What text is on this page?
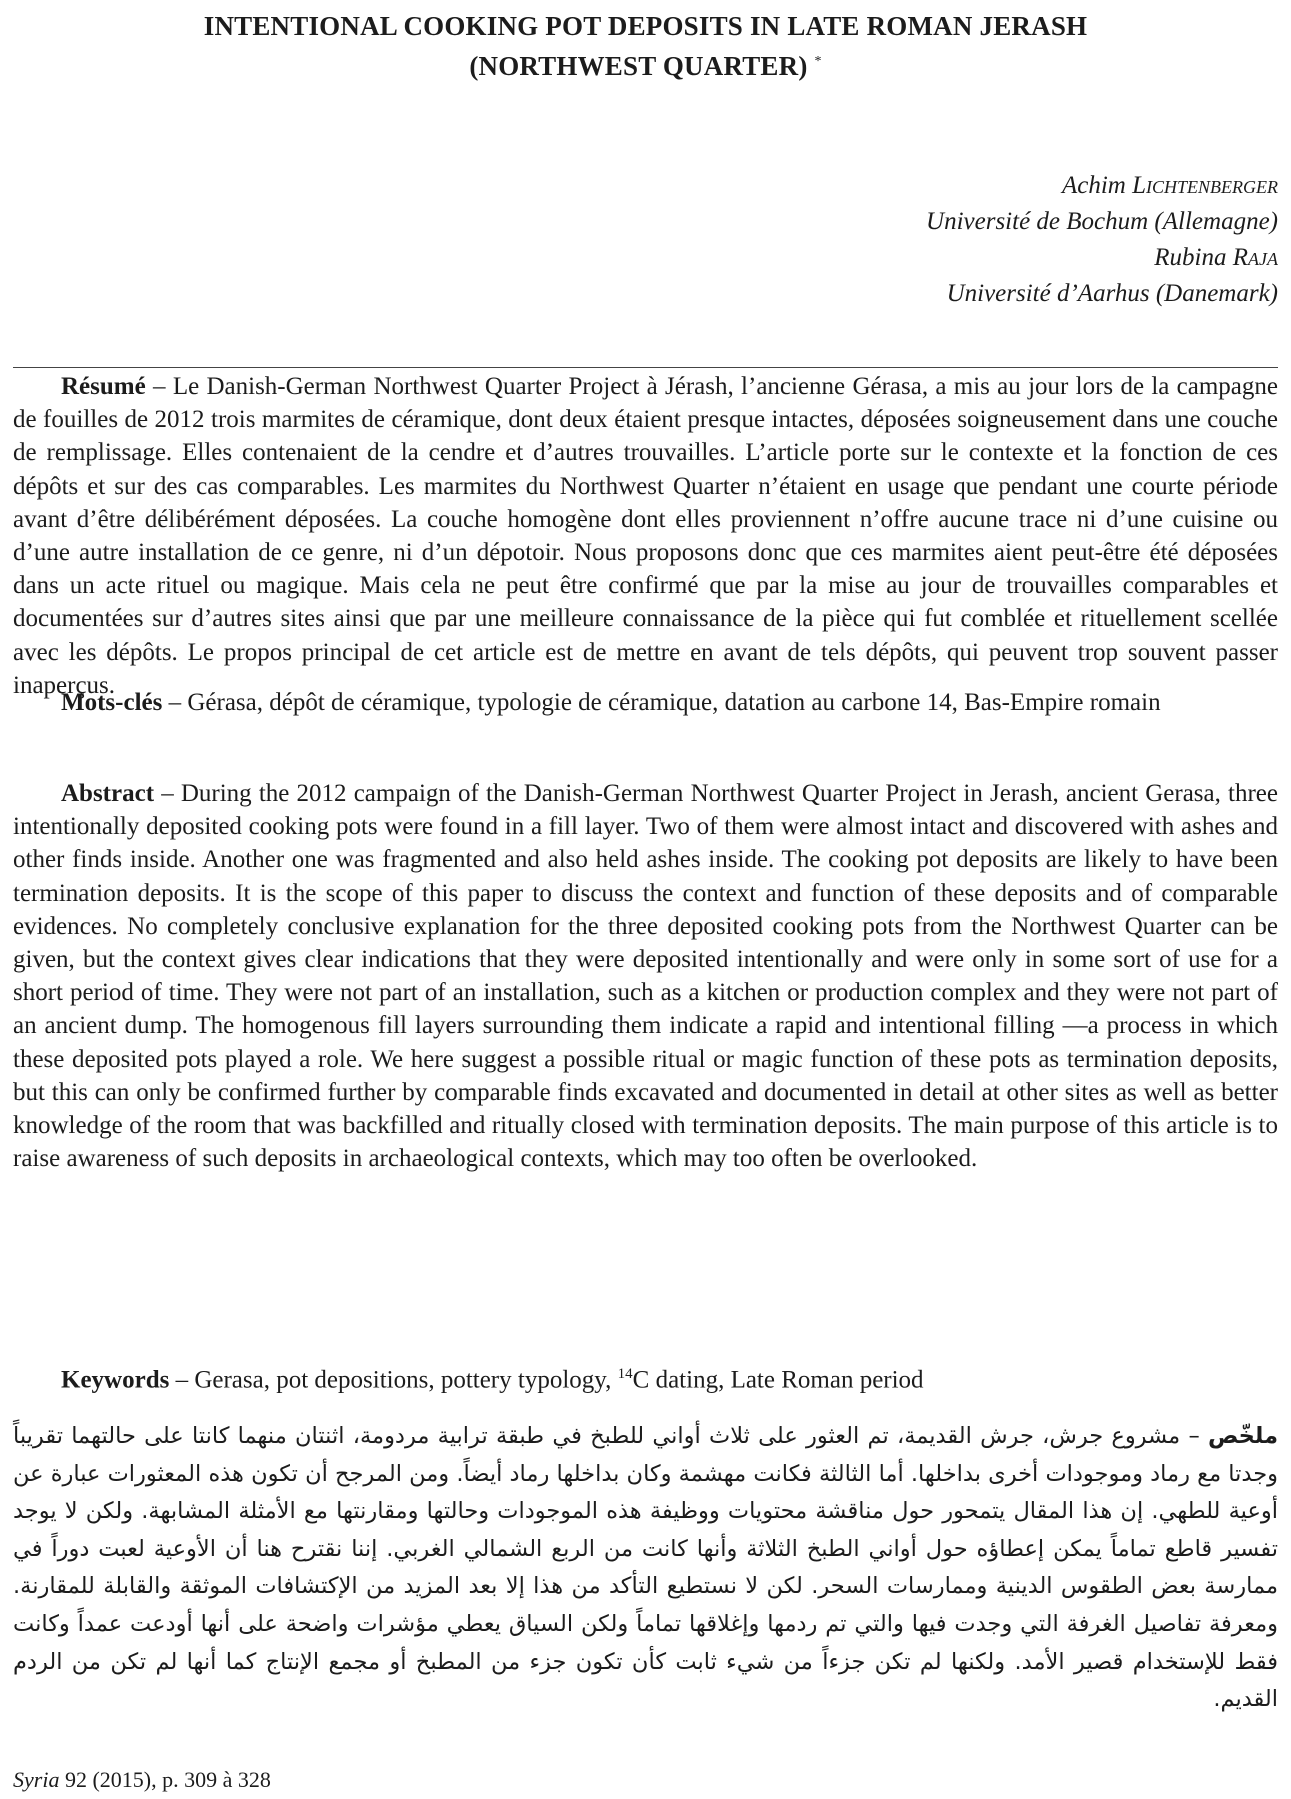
INTENTIONAL COOKING POT DEPOSITS IN LATE ROMAN JERASH
(NORTHWEST QUARTER) *
Achim Lichtenberger
Université de Bochum (Allemagne)
Rubina Raja
Université d’Aarhus (Danemark)

Résumé – Le Danish-German Northwest Quarter Project à Jérash, l’ancienne Gérasa, a mis au jour lors de la campagne de fouilles de 2012 trois marmites de céramique, dont deux étaient presque intactes, déposées soigneusement dans une couche de remplissage. Elles contenaient de la cendre et d’autres trouvailles. L’article porte sur le contexte et la fonction de ces dépôts et sur des cas comparables. Les marmites du Northwest Quarter n’étaient en usage que pendant une courte période avant d’être délibérément déposées. La couche homogène dont elles proviennent n’offre aucune trace ni d’une cuisine ou d’une autre installation de ce genre, ni d’un dépotoir. Nous proposons donc que ces marmites aient peut-être été déposées dans un acte rituel ou magique. Mais cela ne peut être confirmé que par la mise au jour de trouvailles comparables et documentées sur d’autres sites ainsi que par une meilleure connaissance de la pièce qui fut comblée et rituellement scellée avec les dépôts. Le propos principal de cet article est de mettre en avant de tels dépôts, qui peuvent trop souvent passer inaperçus.

Mots-clés – Gérasa, dépôt de céramique, typologie de céramique, datation au carbone 14, Bas-Empire romain

Abstract – During the 2012 campaign of the Danish-German Northwest Quarter Project in Jerash, ancient Gerasa, three intentionally deposited cooking pots were found in a fill layer. Two of them were almost intact and discovered with ashes and other finds inside. Another one was fragmented and also held ashes inside. The cooking pot deposits are likely to have been termination deposits. It is the scope of this paper to discuss the context and function of these deposits and of comparable evidences. No completely conclusive explanation for the three deposited cooking pots from the Northwest Quarter can be given, but the context gives clear indications that they were deposited intentionally and were only in some sort of use for a short period of time. They were not part of an installation, such as a kitchen or production complex and they were not part of an ancient dump. The homogenous fill layers surrounding them indicate a rapid and intentional filling —a process in which these deposited pots played a role. We here suggest a possible ritual or magic function of these pots as termination deposits, but this can only be confirmed further by comparable finds excavated and documented in detail at other sites as well as better knowledge of the room that was backfilled and ritually closed with termination deposits. The main purpose of this article is to raise awareness of such deposits in archaeological contexts, which may too often be overlooked.

Keywords – Gerasa, pot depositions, pottery typology, $^{14}$C dating, Late Roman period

ملخّص – مشروع جرش، جرش القديمة، تم العثور على ثلاث أواني للطبخ في طبقة ترابية مردومة، اثنتان منهما كانتا على حالتهما تقريباً وجدتا مع رماد وموجودات أخرى بداخلها. أما الثالثة فكانت مهشمة وكان بداخلها رماد أيضاً. ومن المرجح أن تكون هذه المعثورات عبارة عن أوعية للطهي. إن هذا المقال يتمحور حول مناقشة محتويات ووظيفة هذه الموجودات وحالتها ومقارنتها مع الأمثلة المشابهة. ولكن لا يوجد تفسير قاطع تماماً يمكن إعطاؤه حول أواني الطبخ الثلاثة وأنها كانت من الربع الشمالي الغربي. إننا نقترح هنا أن الأوعية لعبت دوراً في ممارسة بعض الطقوس الدينية وممارسات السحر. لكن لا نستطيع التأكد من هذا إلا بعد المزيد من الإكتشافات الموثقة والقابلة للمقارنة. ومعرفة تفاصيل الغرفة التي وجدت فيها والتي تم ردمها وإغلاقها تماماً ولكن السياق يعطي مؤشرات واضحة على أنها أودعت عمداً وكانت فقط للإستخدام قصير الأمد. ولكنها لم تكن جزءاً من شيء ثابت كأن تكون جزء من المطبخ أو مجمع الإنتاج كما أنها لم تكن من الردم القديم.

Syria 92 (2015), p. 309 à 328
